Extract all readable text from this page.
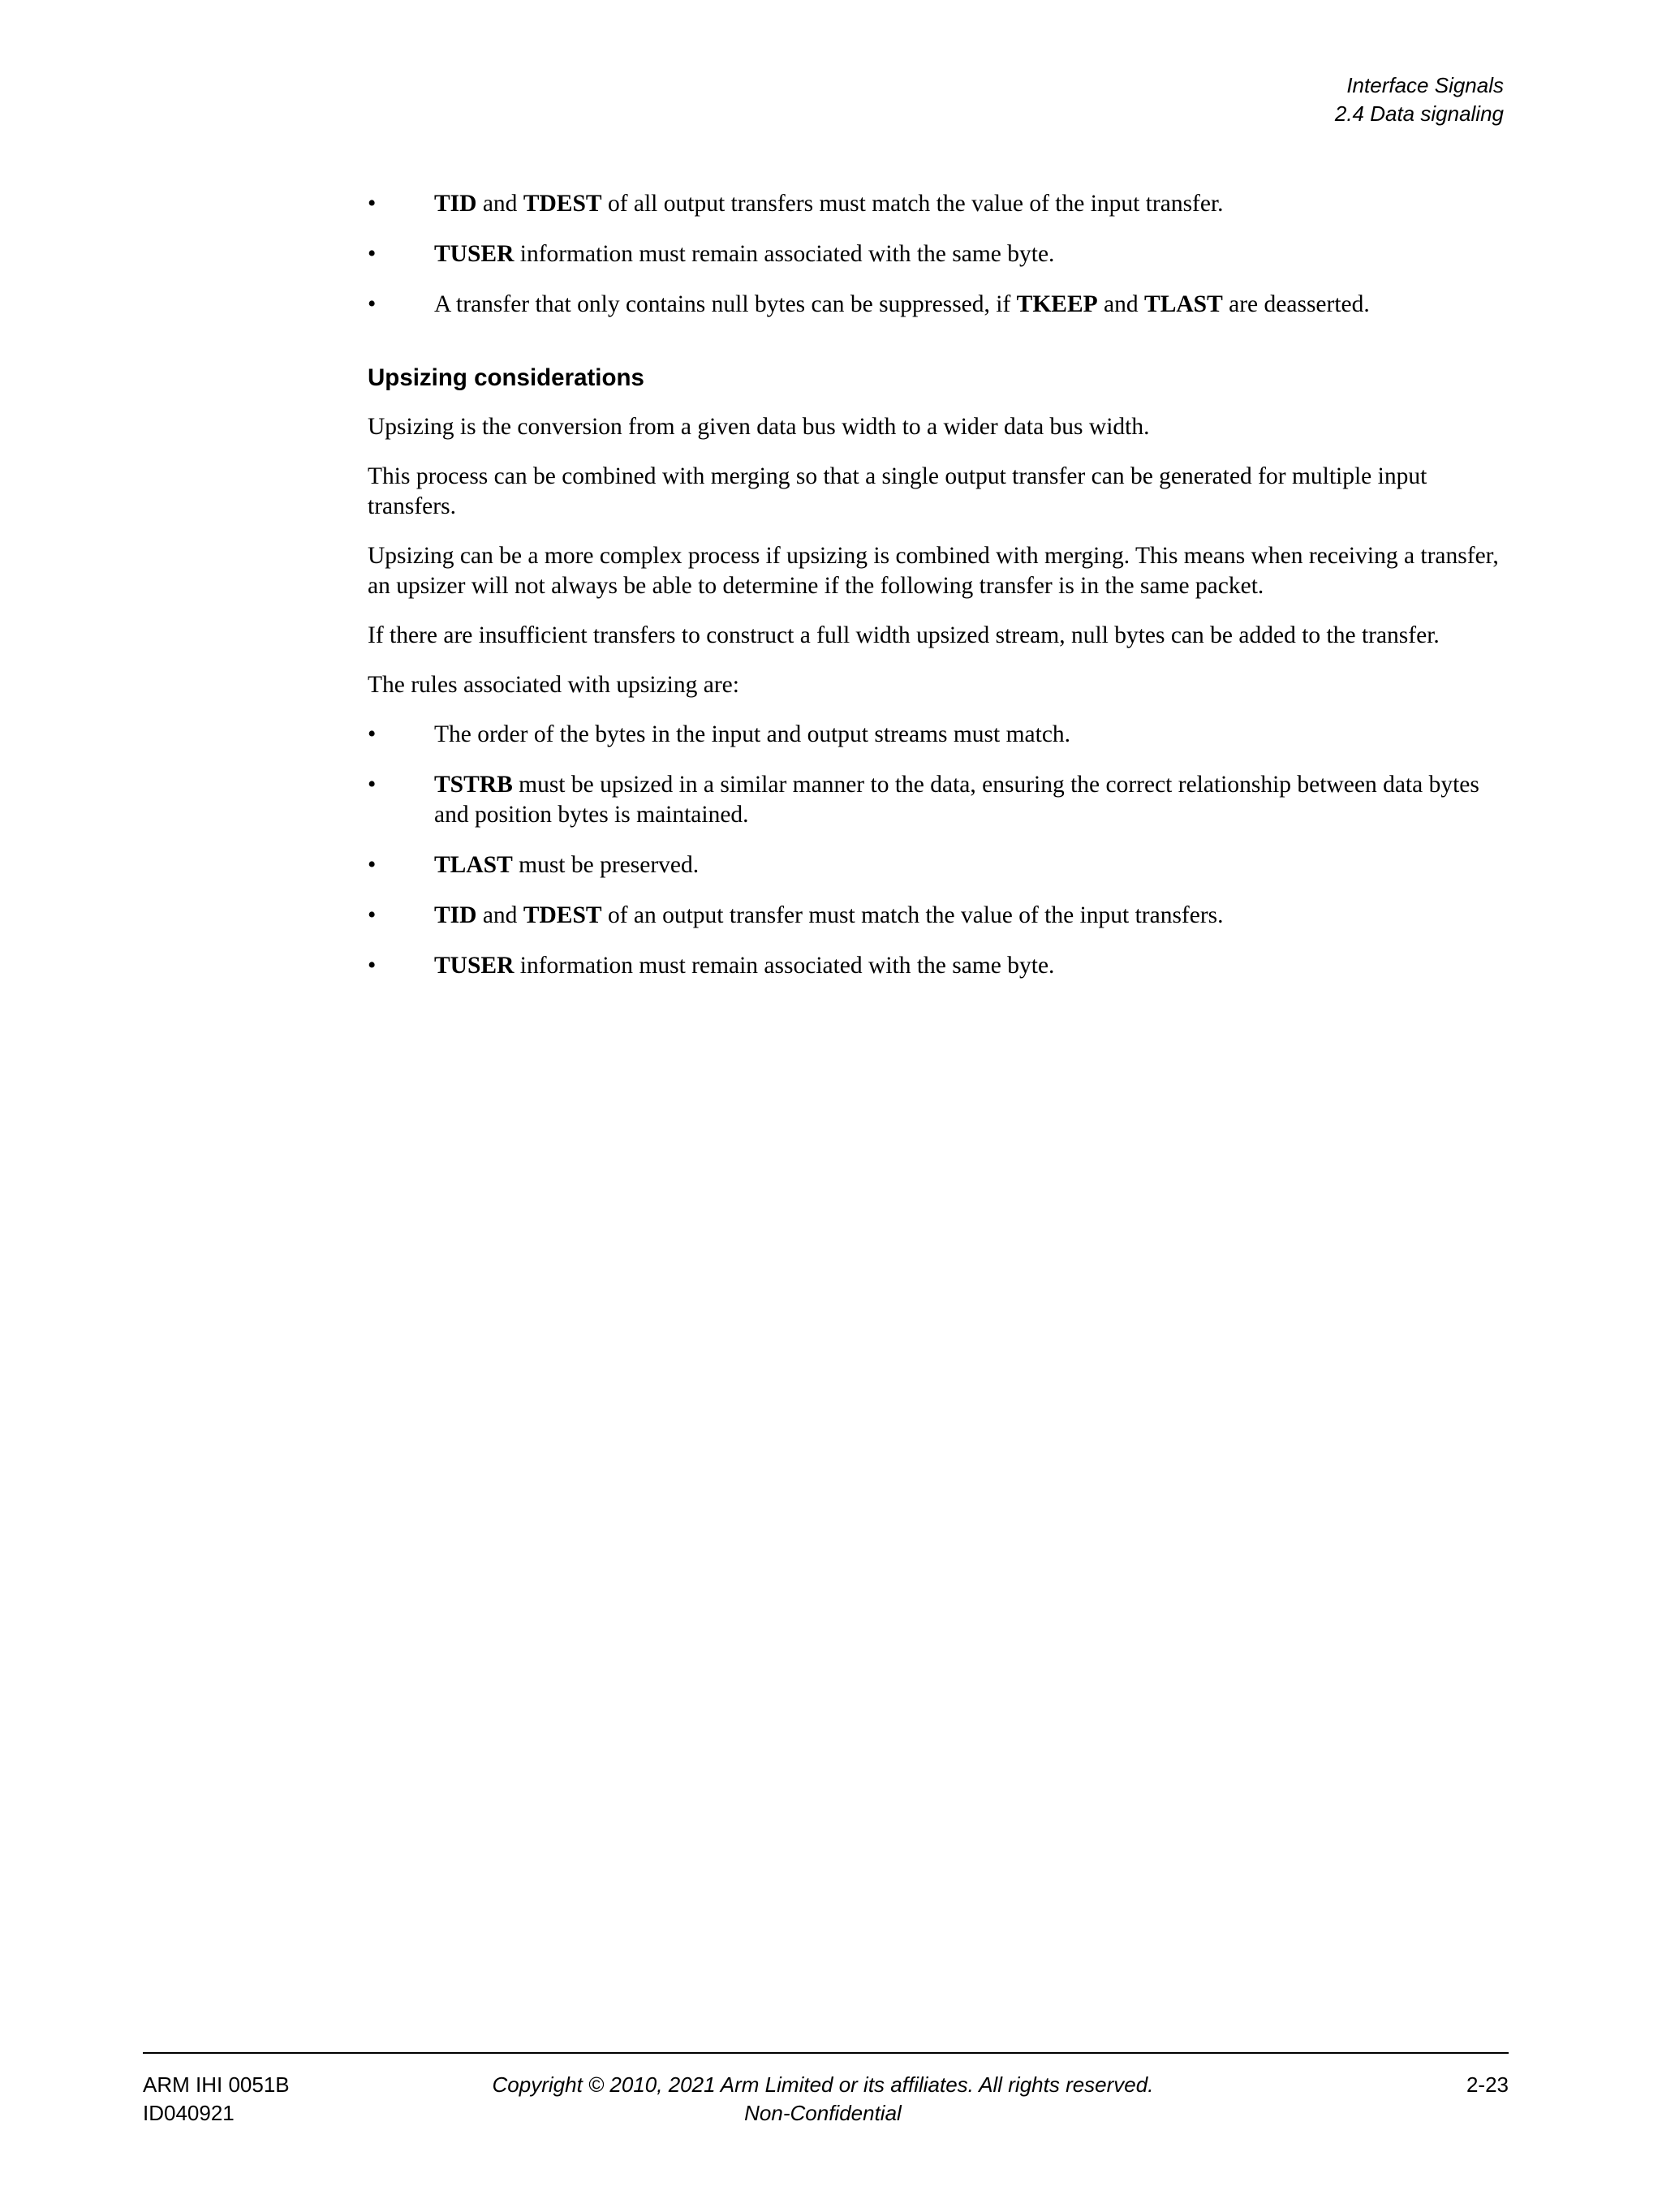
Interface Signals
2.4 Data signaling
• TID and TDEST of all output transfers must match the value of the input transfer.
• TUSER information must remain associated with the same byte.
• A transfer that only contains null bytes can be suppressed, if TKEEP and TLAST are deasserted.
Upsizing considerations

Upsizing is the conversion from a given data bus width to a wider data bus width.

This process can be combined with merging so that a single output transfer can be generated for multiple input transfers.

Upsizing can be a more complex process if upsizing is combined with merging. This means when receiving a transfer, an upsizer will not always be able to determine if the following transfer is in the same packet.

If there are insufficient transfers to construct a full width upsized stream, null bytes can be added to the transfer.

The rules associated with upsizing are:

• The order of the bytes in the input and output streams must match.
• TSTRB must be upsized in a similar manner to the data, ensuring the correct relationship between data bytes and position bytes is maintained.
• TLAST must be preserved.
• TID and TDEST of an output transfer must match the value of the input transfers.
• TUSER information must remain associated with the same byte.
ARM IHI 0051B
ID040921
Copyright © 2010, 2021 Arm Limited or its affiliates. All rights reserved.
Non-Confidential
2-23
